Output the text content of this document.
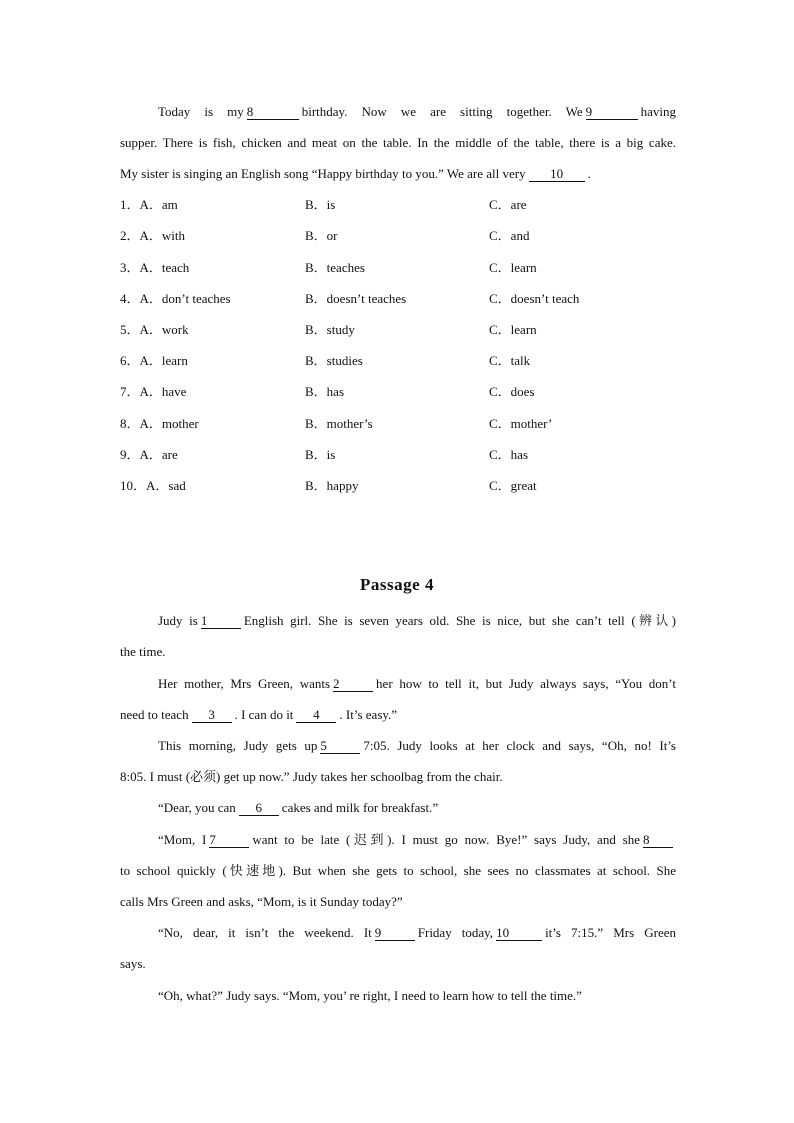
Today is my 8	birthday. Now we are sitting together. We 9	having
supper. There is fish, chicken and meat on the table. In the middle of the table, there is a big cake.
My sister is singing an English song “Happy birthday to you.” We are all very 10 .
1．A．am	B．is	C．are
2．A．with	B．or	C．and
3．A．teach	B．teaches	C．learn
4．A．don’t teaches	B．doesn’t teaches	C．doesn’t teach
5．A．work	B．study	C．learn
6．A．learn	B．studies	C．talk
7．A．have	B．has	C．does
8．A．mother	B．mother’s	C．mother’
9．A．are	B．is	C．has
10．A．sad	B．happy	C．great
Passage 4
Judy is 1	English girl. She is seven years old. She is nice, but she can’t tell (辨认)
the time.
Her mother, Mrs Green, wants 2	her how to tell it, but Judy always says, “You don’t
need to teach 3 . I can do it 4 . It’s easy.”
This morning, Judy gets up 5	7:05. Judy looks at her clock and says, “Oh, no! It’s
8:05. I must (必须) get up now.” Judy takes her schoolbag from the chair.
“Dear, you can 6 cakes and milk for breakfast.”
“Mom, I 7	want to be late (迟到). I must go now. Bye!” says Judy, and she 8
to school quickly (快速地). But when she gets to school, she sees no classmates at school. She
calls Mrs Green and asks, “Mom, is it Sunday today?”
“No, dear, it isn’t the weekend. It 9	Friday today, 10	it’s 7:15.” Mrs Green
says.
“Oh, what?” Judy says. “Mom, you’ re right, I need to learn how to tell the time.”
